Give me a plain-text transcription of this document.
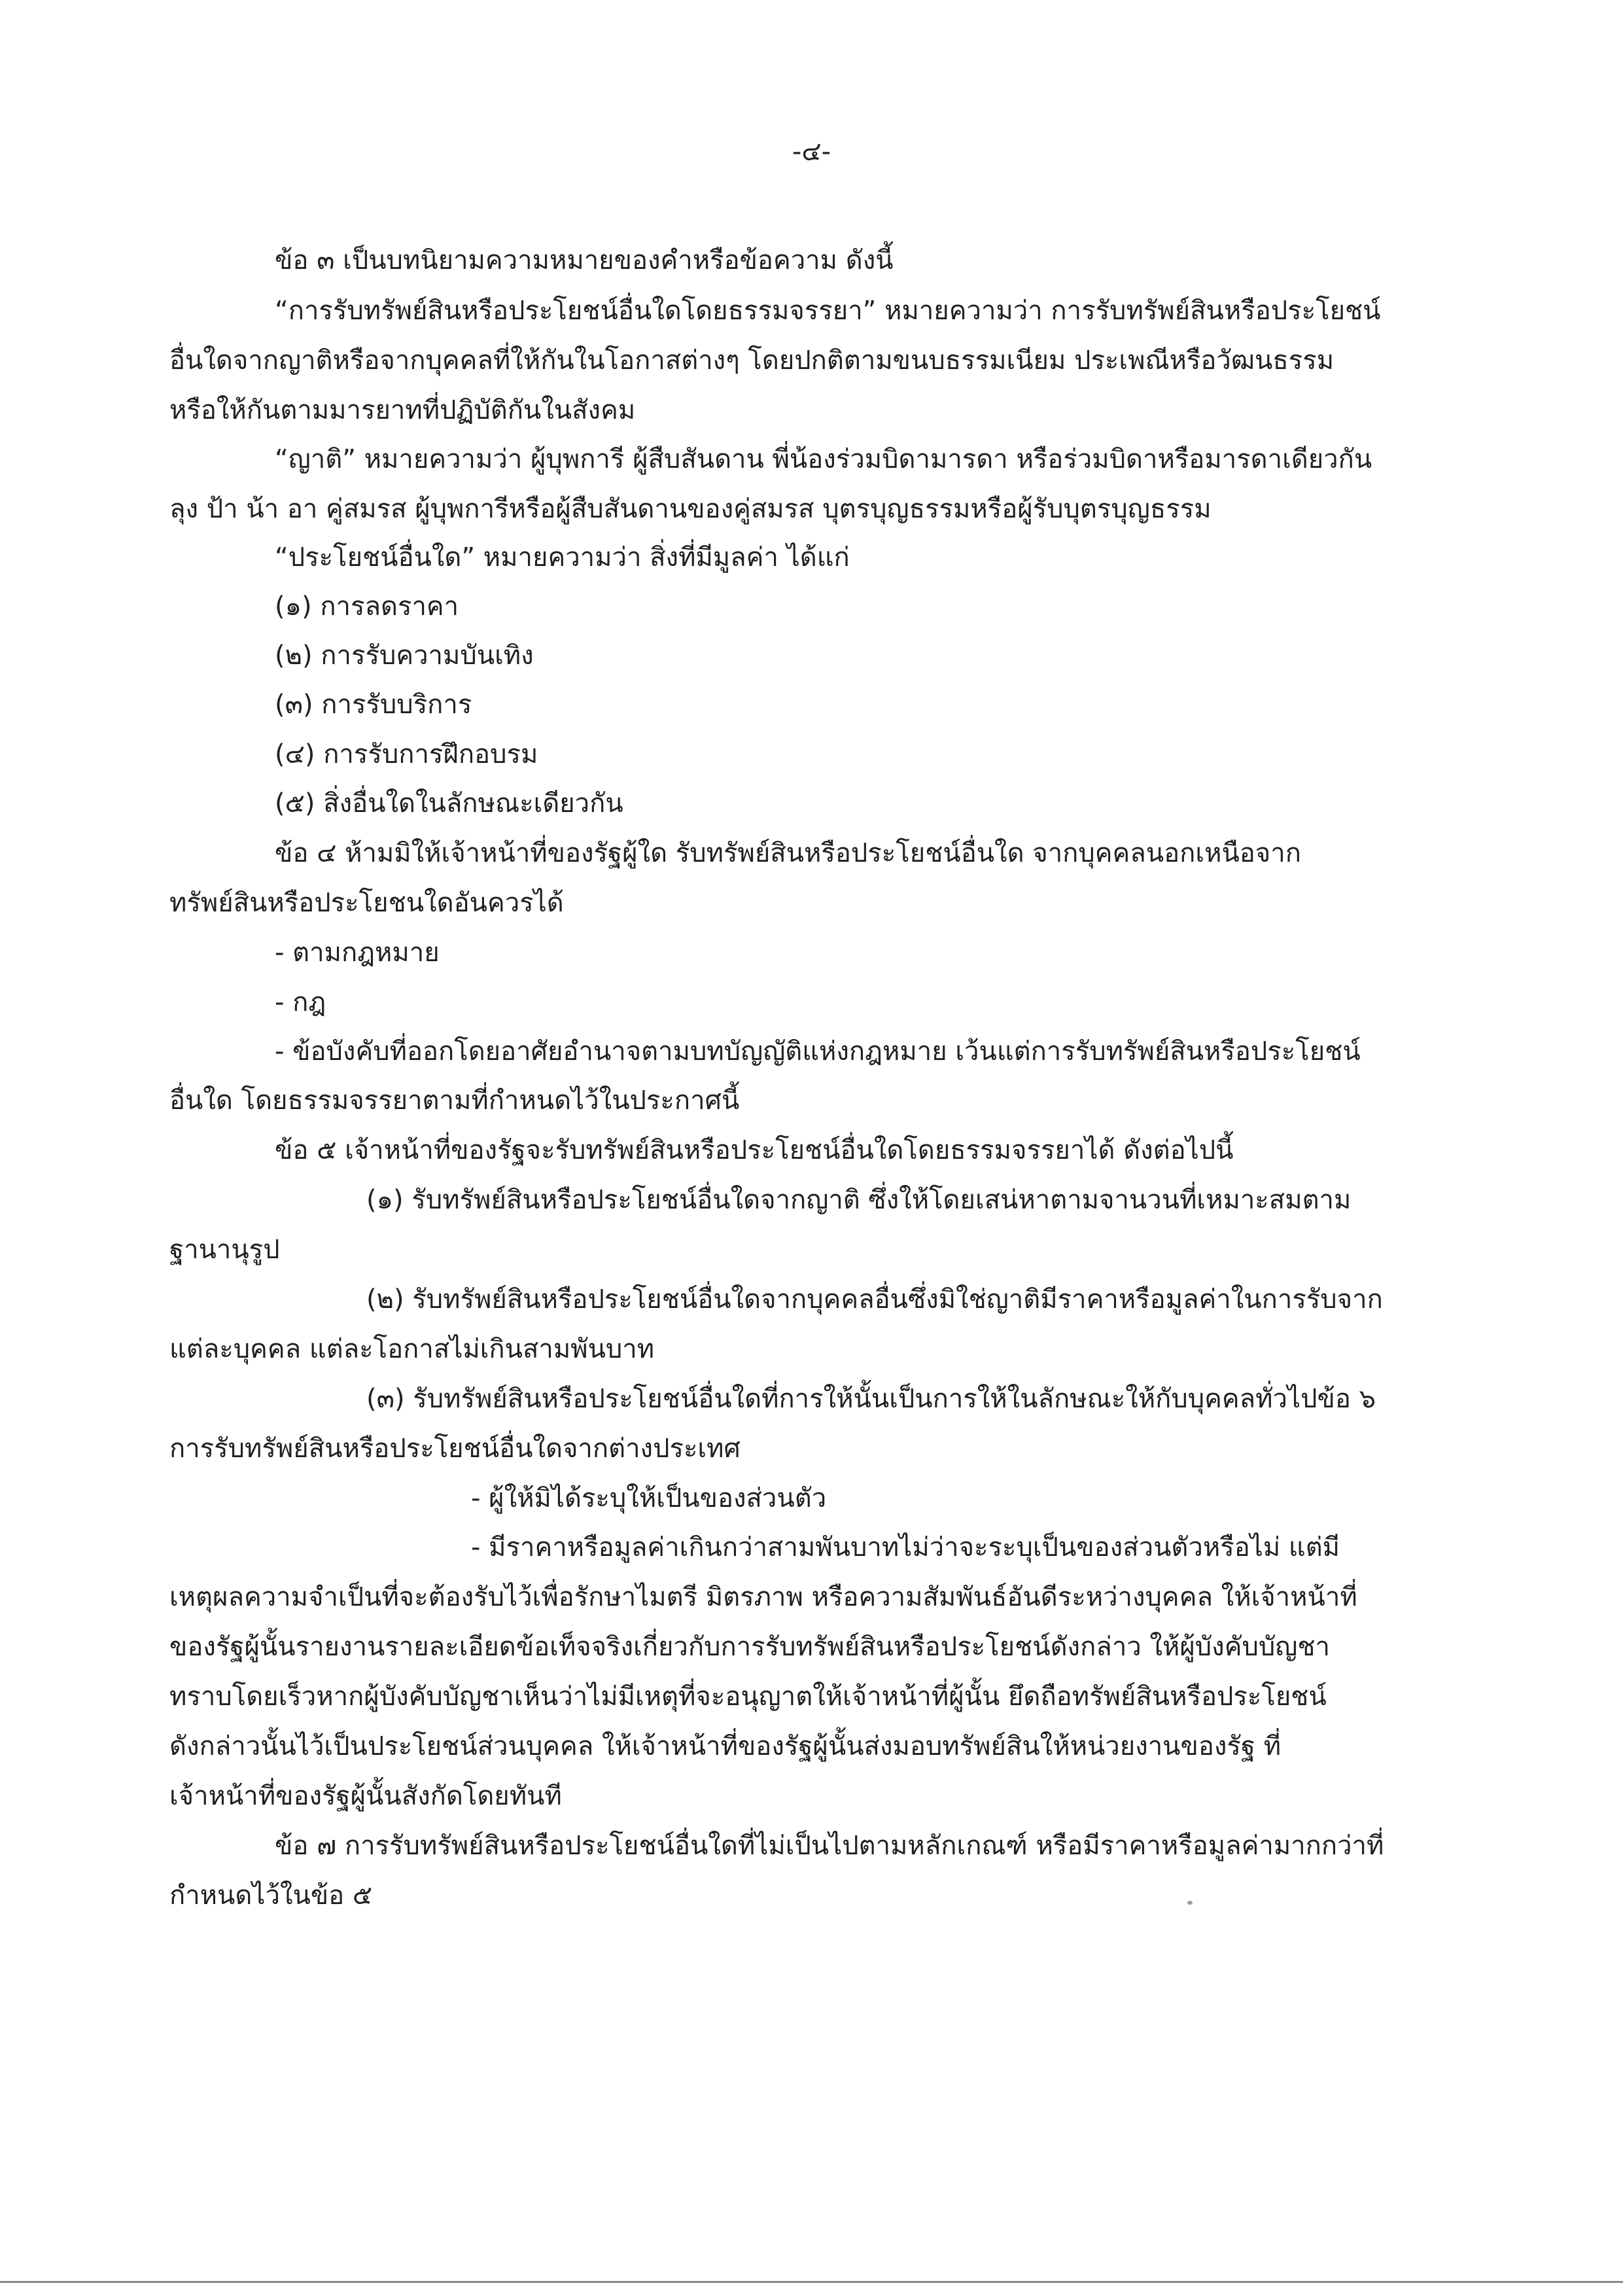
-๔-
ข้อ ๓ เป็นบทนิยามความหมายของคำหรือข้อความ ดังนี้
“การรับทรัพย์สินหรือประโยชน์อื่นใดโดยธรรมจรรยา” หมายความว่า การรับทรัพย์สินหรือประโยชน์
อื่นใดจากญาติหรือจากบุคคลที่ให้กันในโอกาสต่างๆ โดยปกติตามขนบธรรมเนียม ประเพณีหรือวัฒนธรรม
หรือให้กันตามมารยาทที่ปฏิบัติกันในสังคม
“ญาติ” หมายความว่า ผู้บุพการี ผู้สืบสันดาน พี่น้องร่วมบิดามารดา หรือร่วมบิดาหรือมารดาเดียวกัน
ลุง ป้า น้า อา คู่สมรส ผู้บุพการีหรือผู้สืบสันดานของคู่สมรส บุตรบุญธรรมหรือผู้รับบุตรบุญธรรม
“ประโยชน์อื่นใด” หมายความว่า สิ่งที่มีมูลค่า ได้แก่
(๑) การลดราคา
(๒) การรับความบันเทิง
(๓) การรับบริการ
(๔) การรับการฝึกอบรม
(๕) สิ่งอื่นใดในลักษณะเดียวกัน
ข้อ ๔ ห้ามมิให้เจ้าหน้าที่ของรัฐผู้ใด รับทรัพย์สินหรือประโยชน์อื่นใด จากบุคคลนอกเหนือจาก
ทรัพย์สินหรือประโยชนใดอันควรได้
- ตามกฎหมาย
- กฎ
- ข้อบังคับที่ออกโดยอาศัยอำนาจตามบทบัญญัติแห่งกฎหมาย เว้นแต่การรับทรัพย์สินหรือประโยชน์
อื่นใด โดยธรรมจรรยาตามที่กำหนดไว้ในประกาศนี้
ข้อ ๕ เจ้าหน้าที่ของรัฐจะรับทรัพย์สินหรือประโยชน์อื่นใดโดยธรรมจรรยาได้ ดังต่อไปนี้
(๑) รับทรัพย์สินหรือประโยชน์อื่นใดจากญาติ ซึ่งให้โดยเสน่หาตามจานวนที่เหมาะสมตาม
ฐานานุรูป
(๒) รับทรัพย์สินหรือประโยชน์อื่นใดจากบุคคลอื่นซึ่งมิใช่ญาติมีราคาหรือมูลค่าในการรับจาก
แต่ละบุคคล แต่ละโอกาสไม่เกินสามพันบาท
(๓) รับทรัพย์สินหรือประโยชน์อื่นใดที่การให้นั้นเป็นการให้ในลักษณะให้กับบุคคลทั่วไปข้อ ๖
การรับทรัพย์สินหรือประโยชน์อื่นใดจากต่างประเทศ
- ผู้ให้มิได้ระบุให้เป็นของส่วนตัว
- มีราคาหรือมูลค่าเกินกว่าสามพันบาทไม่ว่าจะระบุเป็นของส่วนตัวหรือไม่ แต่มี
เหตุผลความจำเป็นที่จะต้องรับไว้เพื่อรักษาไมตรี มิตรภาพ หรือความสัมพันธ์อันดีระหว่างบุคคล ให้เจ้าหน้าที่
ของรัฐผู้นั้นรายงานรายละเอียดข้อเท็จจริงเกี่ยวกับการรับทรัพย์สินหรือประโยชน์ดังกล่าว ให้ผู้บังคับบัญชา
ทราบโดยเร็วหากผู้บังคับบัญชาเห็นว่าไม่มีเหตุที่จะอนุญาตให้เจ้าหน้าที่ผู้นั้น ยึดถือทรัพย์สินหรือประโยชน์
ดังกล่าวนั้นไว้เป็นประโยชน์ส่วนบุคคล ให้เจ้าหน้าที่ของรัฐผู้นั้นส่งมอบทรัพย์สินให้หน่วยงานของรัฐ ที่
เจ้าหน้าที่ของรัฐผู้นั้นสังกัดโดยทันที
ข้อ ๗ การรับทรัพย์สินหรือประโยชน์อื่นใดที่ไม่เป็นไปตามหลักเกณฑ์ หรือมีราคาหรือมูลค่ามากกว่าที่
กำหนดไว้ในข้อ ๕
